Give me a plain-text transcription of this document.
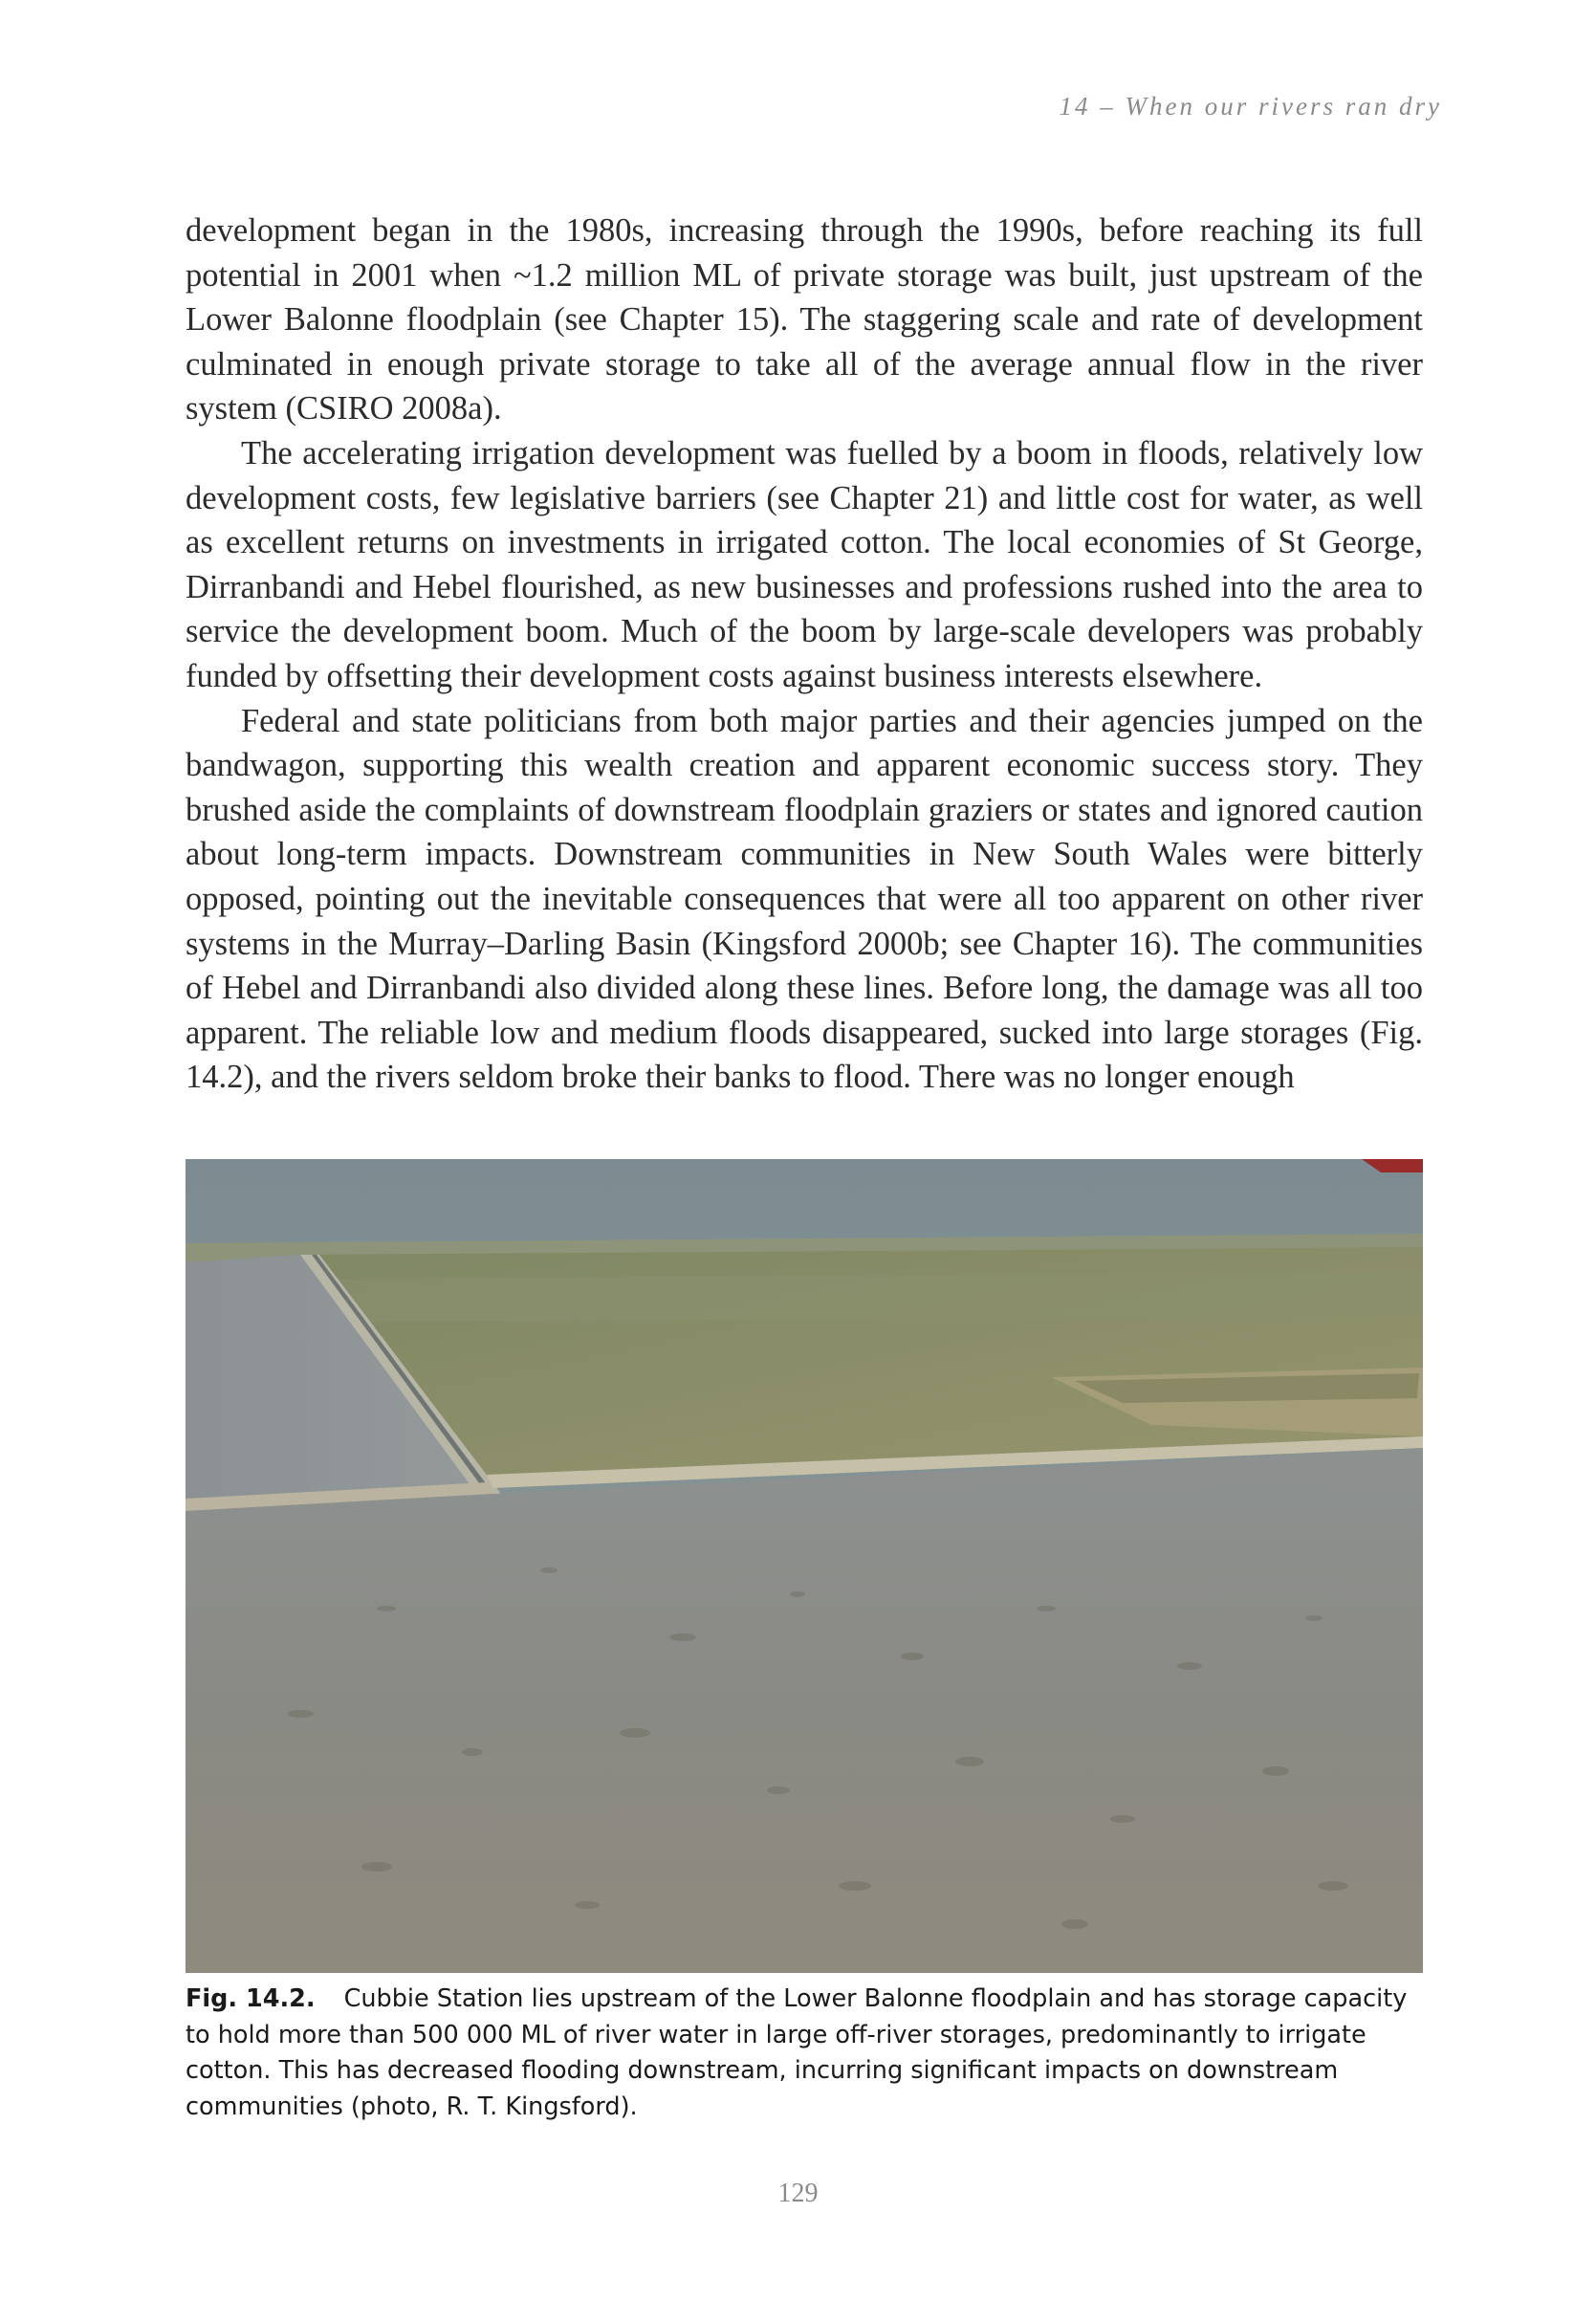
14 – When our rivers ran dry

development began in the 1980s, increasing through the 1990s, before reaching its full potential in 2001 when ~1.2 million ML of private storage was built, just upstream of the Lower Balonne floodplain (see Chapter 15). The staggering scale and rate of development culminated in enough private storage to take all of the average annual flow in the river system (CSIRO 2008a).

The accelerating irrigation development was fuelled by a boom in floods, relatively low development costs, few legislative barriers (see Chapter 21) and little cost for water, as well as excellent returns on investments in irrigated cotton. The local economies of St George, Dirranbandi and Hebel flourished, as new businesses and professions rushed into the area to service the development boom. Much of the boom by large-scale developers was probably funded by offsetting their development costs against business interests elsewhere.

Federal and state politicians from both major parties and their agencies jumped on the bandwagon, supporting this wealth creation and apparent economic success story. They brushed aside the complaints of downstream floodplain graziers or states and ignored caution about long-term impacts. Downstream communities in New South Wales were bitterly opposed, pointing out the inevitable consequences that were all too apparent on other river systems in the Murray–Darling Basin (Kingsford 2000b; see Chapter 16). The communities of Hebel and Dirranbandi also divided along these lines. Before long, the damage was all too apparent. The reliable low and medium floods disappeared, sucked into large storages (Fig. 14.2), and the rivers seldom broke their banks to flood. There was no longer enough

Fig. 14.2. Cubbie Station lies upstream of the Lower Balonne floodplain and has storage capacity to hold more than 500 000 ML of river water in large off-river storages, predominantly to irrigate cotton. This has decreased flooding downstream, incurring significant impacts on downstream communities (photo, R. T. Kingsford).
129
